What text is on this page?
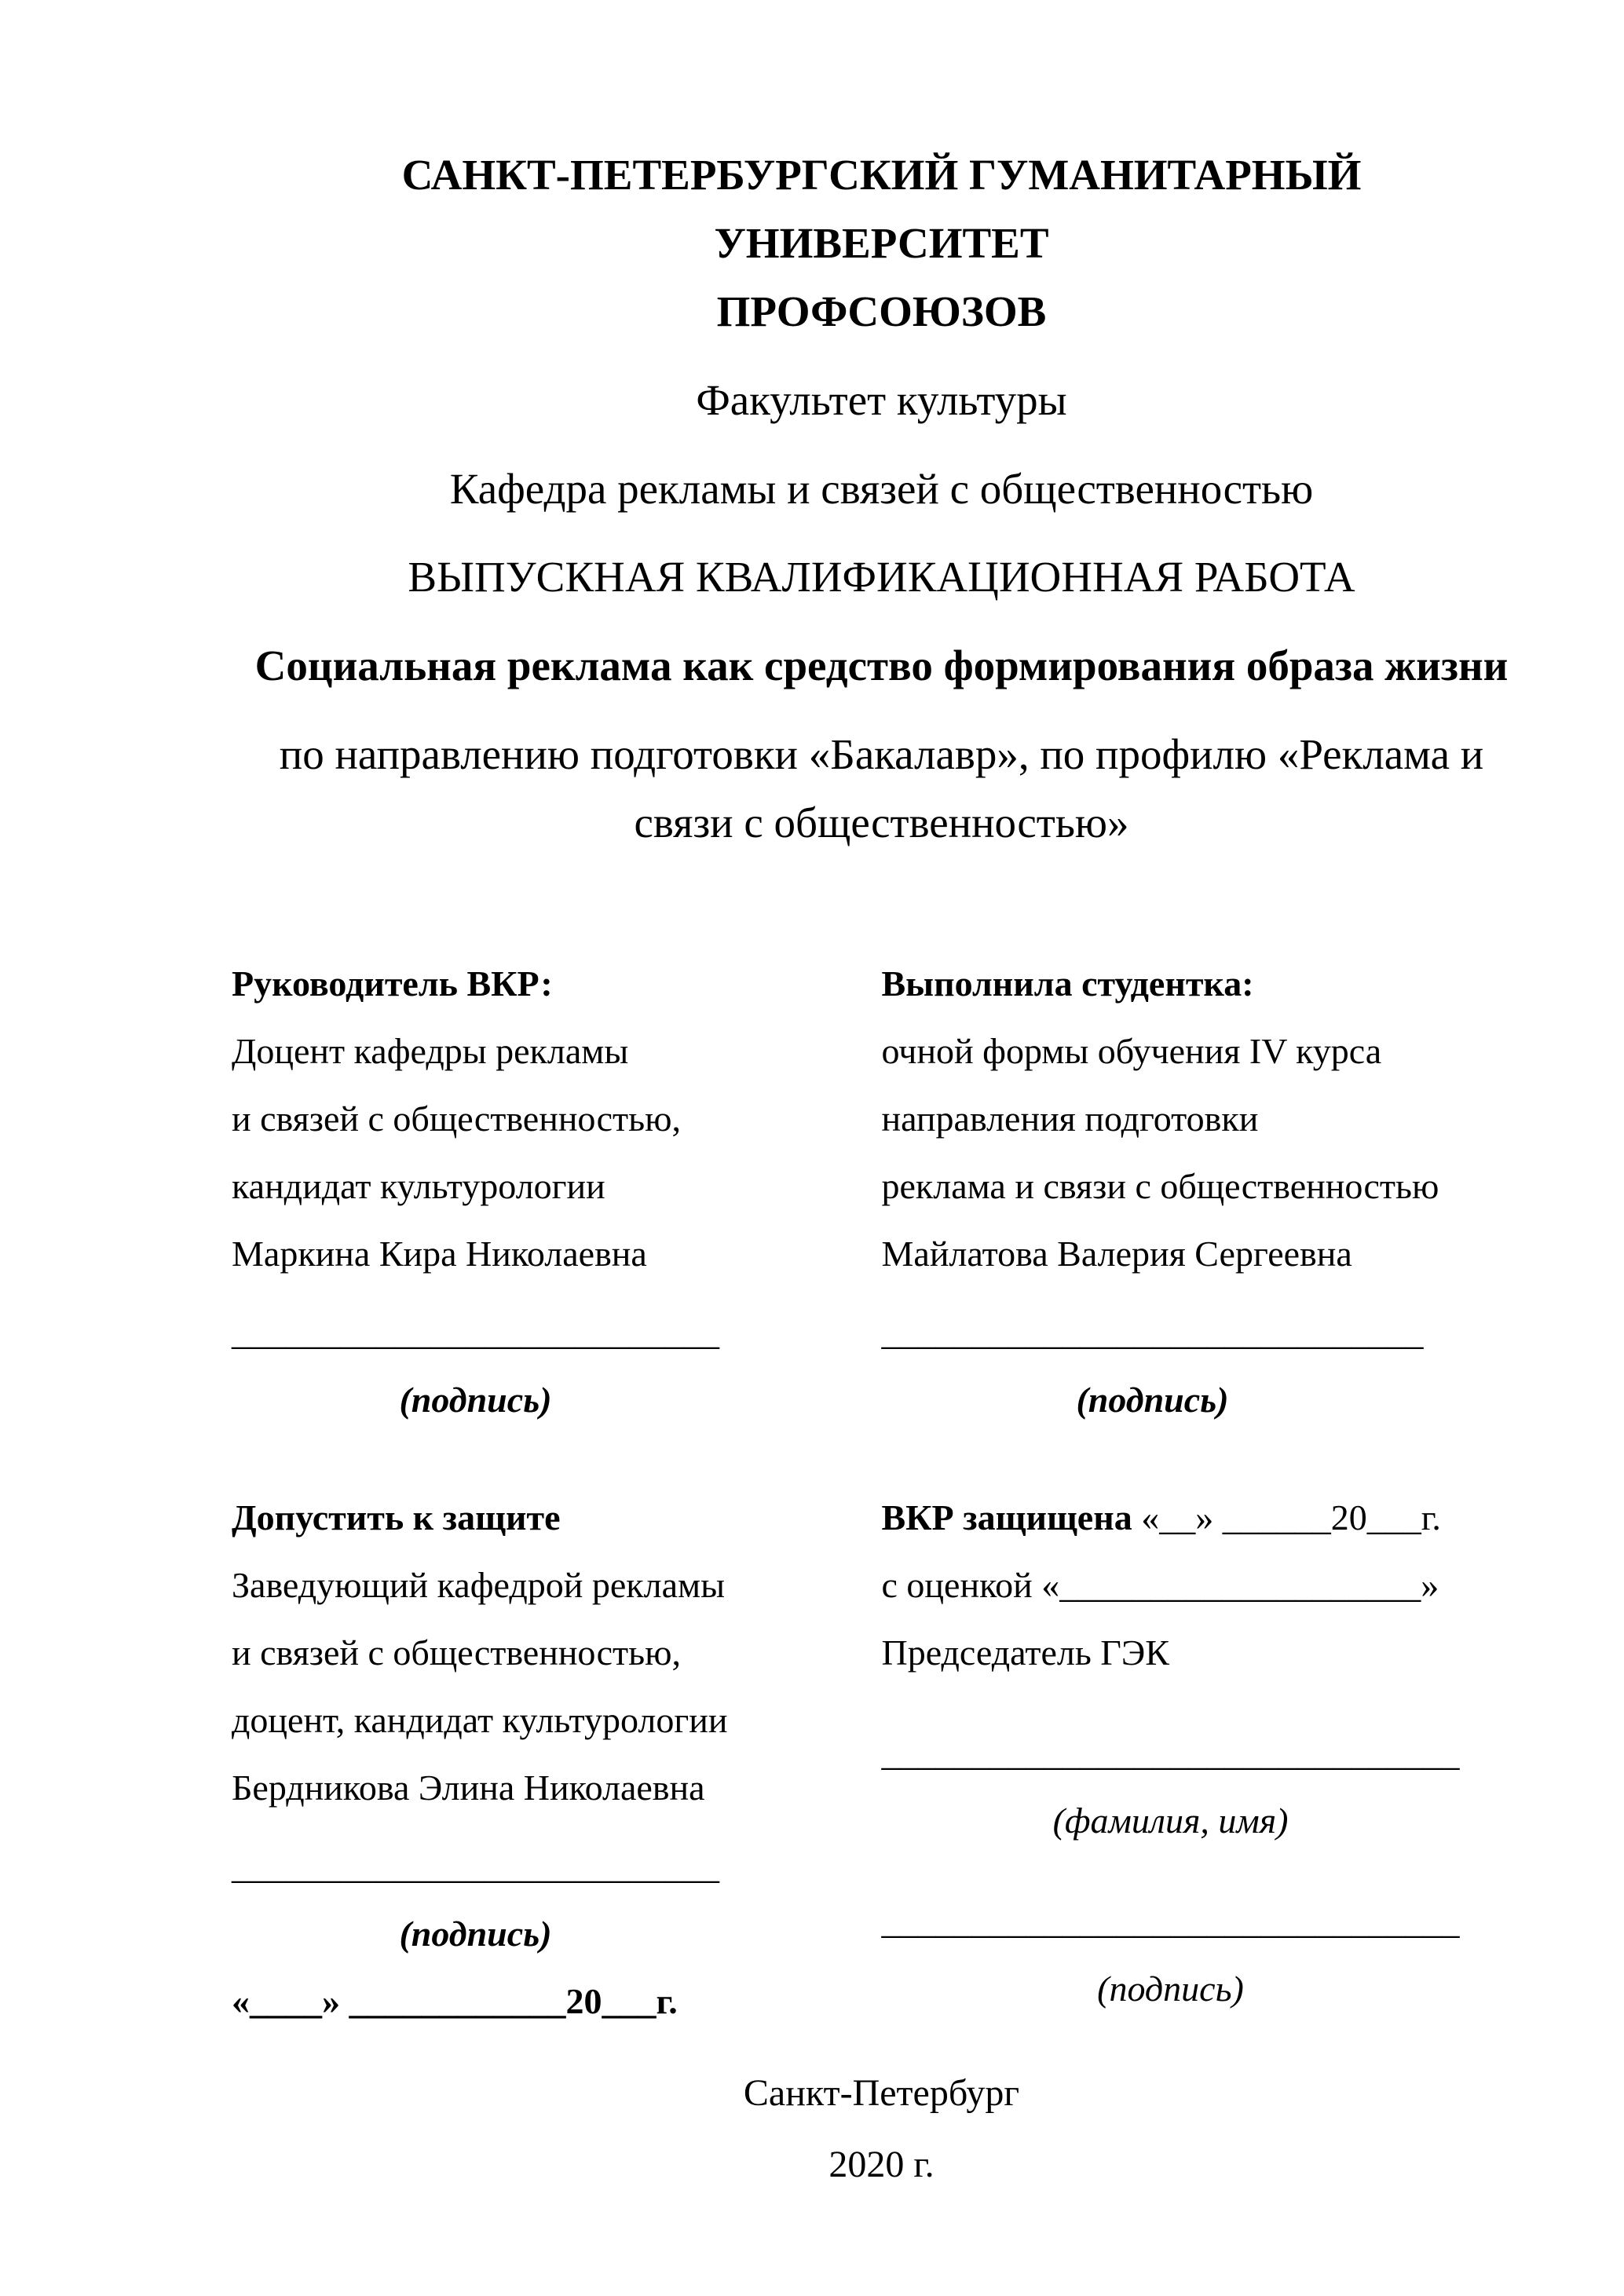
САНКТ-ПЕТЕРБУРГСКИЙ ГУМАНИТАРНЫЙ УНИВЕРСИТЕТ
ПРОФСОЮЗОВ
Факультет культуры
Кафедра рекламы и связей с общественностью
ВЫПУСКНАЯ КВАЛИФИКАЦИОННАЯ РАБОТА
Социальная реклама как средство формирования образа жизни
по направлению подготовки «Бакалавр», по профилю «Реклама и связи с общественностью»
Руководитель ВКР:
Доцент кафедры рекламы
и связей с общественностью,
кандидат культурологии
Маркина Кира Николаевна
___________________________
(подпись)
Допустить к защите
Заведующий кафедрой рекламы
и связей с общественностью,
доцент, кандидат культурологии
Бердникова Элина Николаевна
___________________________
(подпись)
«____» ____________20___г.
Выполнила студентка:
очной формы обучения IV курса
направления подготовки
реклама и связи с общественностью
Майлатова Валерия Сергеевна
______________________________
(подпись)
ВКР защищена «__» ______20___г.
с оценкой «____________________»
Председатель ГЭК
________________________________
(фамилия, имя)

________________________________
(подпись)
Санкт-Петербург
2020 г.
